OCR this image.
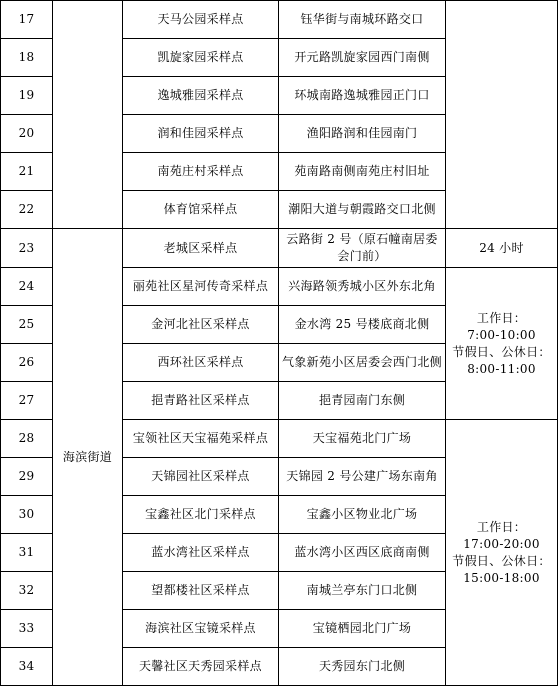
17		天马公园采样点	钰华街与南城环路交口	
18		凯旋家园采样点	开元路凯旋家园西门南侧	
19		逸城雅园采样点	环城南路逸城雅园正门口	
20		润和佳园采样点	渔阳路润和佳园南门	
21		南苑庄村采样点	苑南路南侧南苑庄村旧址	
22		体育馆采样点	潮阳大道与朝霞路交口北侧	
23	海滨街道	老城区采样点	云路街 2 号（原石幢南居委会门前）	24 小时
24		丽苑社区星河传奇采样点	兴海路领秀城小区外东北角	工作日：
7:00-10:00
节假日、公休日：
8:00-11:00

25		金河北社区采样点	金水湾 25 号楼底商北侧	
26		西环社区采样点	气象新苑小区居委会西门北侧	
27		挹青路社区采样点	挹青园南门东侧	
28		宝领社区天宝福苑采样点	天宝福苑北门广场	工作日：
17:00-20:00
节假日、公休日：
15:00-18:00

29		天锦园社区采样点	天锦园 2 号公建广场东南角	
30		宝鑫社区北门采样点	宝鑫小区物业北广场	
31		蓝水湾社区采样点	蓝水湾小区西区底商南侧	
32		望都楼社区采样点	南城兰亭东门口北侧	
33		海滨社区宝镜采样点	宝镜栖园北门广场	
34		天馨社区天秀园采样点	天秀园东门北侧	
